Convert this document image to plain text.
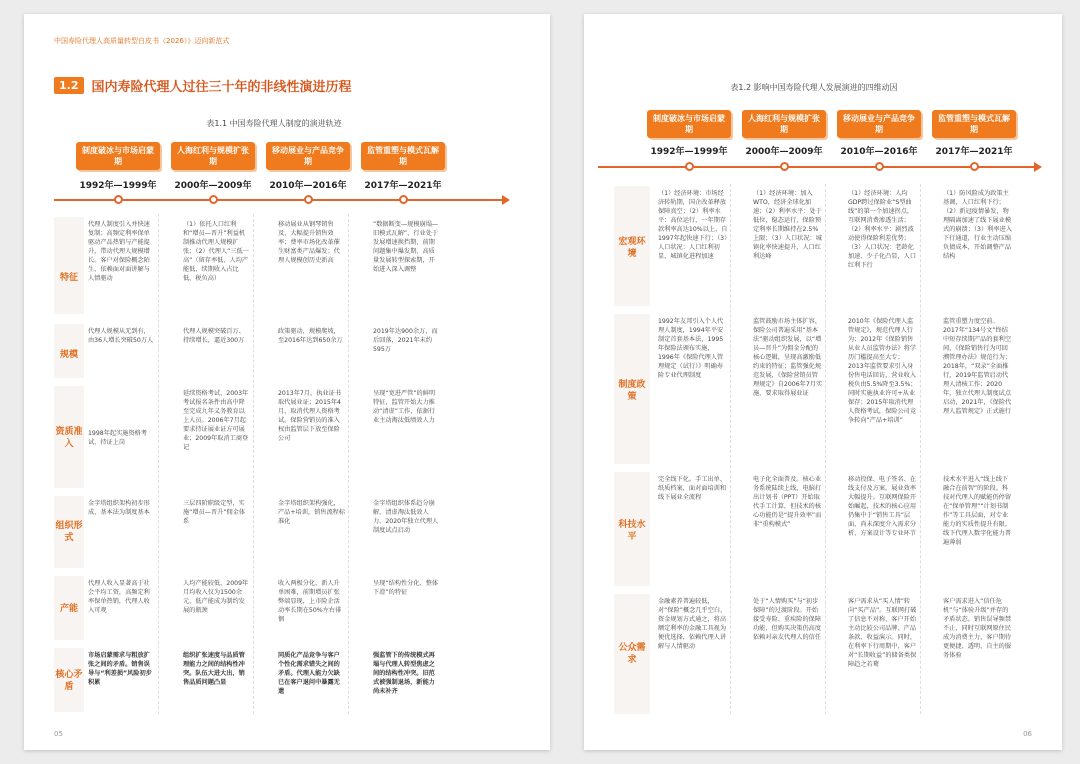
中国寿险代理人高质量转型白皮书（2026）》迈向新范式
1.2	国内寿险代理人过往三十年的非线性演进历程
表1.1 中国寿险代理人制度的演进轨迹
制度破冰与市场启蒙期
1992年—1999年
人海红利与规模扩张期
2000年—2009年
移动展业与产品竞争期
2010年—2016年
监管重塑与模式瓦解期
2017年—2021年
特征
规模
资质准入
组织形式
产能
核心矛盾
代理人制度引入并快速复制；高频定利率保单驱动产品热销与产能提升，带动代理人规模增长。客户对保险概念陌生，依赖面对面讲解与人情驱动
（1）依托人口红利和“增员—晋升”利益机制推动代理人规模扩张；（2）代理人“三低一高”（留存率低、人均产能低、续期收入占比低、税负高）
移动展业从钢琴销售及、大幅提升销售效率；费率市场化改革催生财富类产品爆发；代理人规模创历史新高
“数据断变—规模崩塌—旧模式瓦解”，行业处于发展增速换挡期、前期问题集中爆发期、高质量发展转型探索期，开始进入深入调整
代理人规模从无到有，由36人增长突破50万人
代理人规模突破百万、持续增长，逼近300万
政策驱动，规模爬坡，至2016年达到650余万
2019年达900余万，而后回落，2021年末约595万
1998年起实施资格考试，持证上岗
延续资格考试，2003年考试报名条件由高中降至完成九年义务教育以上人员。2006年7月起要求持证展业证方可展业；2009年取消工商登记
2013年7月，执业证书取代展业证；2015年4月，取消代理人资格考试。保险营销员的准入权由监管层下放至保险公司
呈现“宽进严管”的鲜明特征，监管开始大力推动“清虚”工作，依据行业主动淘汰低绩效人力
金字塔组织架构初步形成，基本法为制度基本
三层四阶职级定型，实施“增员—晋升”佣金体系
金字塔组织架构强化，产品+培训，销售流程标准化
金字塔组织体系趋分崩解，清虚淘汰低效人力，2020年独立代理人制度试点启动
代理人收入显著高于社会平均工资，高频定利率保单热销，代理人收入可观
人均产能较低，2009年月均收入仅为1500余元，低产能成为制约发展的瓶颈
收入两极分化，新人升单困难，前期增员扩张弊端显现，上市险企活动率长期在50%左右徘徊
呈现“结构性分化、整体下滑”的特征
市场启蒙需求与粗放扩张之间的矛盾。销售误导与“利差损”风险初步积累
组织扩张速度与品质管理能力之间的结构性冲突。队伍大进大出，销售品质问题凸显
同质化产品竞争与客户个性化需求错失之间的矛盾。代理人能力欠缺已在客户退问中暴露无遗
强监管下的传统模式再塌与代理人转型焦虑之间的结构性冲突。旧范式被强制退场，新能力尚未补齐
05
表1.2 影响中国寿险代理人发展演进的四维动因
制度破冰与市场启蒙期
1992年—1999年
人海红利与规模扩张期
2000年—2009年
移动展业与产品竞争期
2010年—2016年
监管重塑与模式瓦解期
2017年—2021年
宏观环境
制度政策
科技水平
公众需求
（1）经济环境：市场经济转轨期，国企改革释放保障真空；（2）利率水平：高位运行，一年期存款利率高达10%以上，自1997年起快速下行；（3）人口状况：人口红利初显，城镇化进程加速
（1）经济环境：加入WTO，经济全球化加速；（2）利率水平：处于低位，稳态运行，保险预定利率长期维持在2.5%上限；（3）人口状况：城镇化率快速提升，人口红利达峰
（1）经济环境：人均GDP跨过保险业“S型曲线”的第一个加速拐点，互联网消费渗透生活；（2）利率水平：剧烈波动使得保险利差优势；（3）人口状况：老龄化加速、少子化凸显，人口红利下行
（1）防风险成为政策主基调，人口红利下行；（2）新冠疫情暴发，物理隔离加速了线下展业模式的崩溃；（3）利率进入下行通道，行业主动压缩负债成本，开始调整产品结构
1992年友邦引入个人代理人制度，1994年平安制定首套基本法，1995年保险法颁布实施，1996年《保险代理人管理规定（试行）》明确寿险专业代理制度
监管鼓励市场主体扩容，保险公司普遍采用“基本法”驱动组织发展，以“增员—晋升”为佣金分配的核心逻辑，呈现高激励低约束的特征；监管强化规范发展，《保险营销员管理规定》自2006年7月实施，要求取得展业证
2010年《保险代理人监管规定》，规范代理人行为；2012年《保险销售从业人员监管办法》将学历门槛提高至大专；2013年监管要求引入身份售电话回访，营业收入税负由5.5%降至3.5%；同时实施执业许可+从业保存；2015年取消代理人资格考试，保险公司竞争转向“产品+培训”
监管重塑力度空前。2017年“134号文”终结中短存续期产品的套利空间，《保险销售行为可回溯管理办法》规范行为；2018年，“双录”全面推行，2019年监管启动代理人清核工作；2020年，独立代理人制度试点启动，2021年，《保险代理人监管规定》正式施行
完全线下化。手工出单、纸质档案，面对面培训和线下展业全流程
电子化全面普及。核心业务系统陆续上线，电脑打出计划书（PPT）开始取代手工计算，但技术的核心功能仍是“提升效率”而非“重构模式”
移动投保、电子签名、在线支付及方案，展业效率大幅提升。互联网保险开始崛起，技术的核心应用仍集中于“销售工具”层面，尚未深度介入需求分析、方案设计等专业环节
技术水平进入“线上线下融合在前智”的阶段。科技对代理人的赋能仍停留在“保单管理”“计划书制作”等工具层面，对专业能力的实质性提升有限。线下代理人数字化能力普遍薄弱
金融素养普遍较低，对“保险”概念几乎空白，资金规划方式通之，将高额定利率的金融工具视为便优选择，依赖代理人讲解与人情驱动
处于“人情购买”与“初步保障”的过渡阶段。开始接受寿险、重疾险的保障功能，但购买决策仍高度依赖对亲友代理人的信任
客户需求从“买人情”转向“买产品”。互联网打破了信息不对称，客户开始主动比较公司品牌、产品条款、收益演示。同时，在利率下行周期中，客户对“长期收益”的储备类保障趋之若鹜
客户需求进入“信任危机”与“体验升级”并存的矛盾状态。销售误导频禁不止，同时互联网原住民成为消费主力，客户期待更便捷、透明、自主的服务体验
06
